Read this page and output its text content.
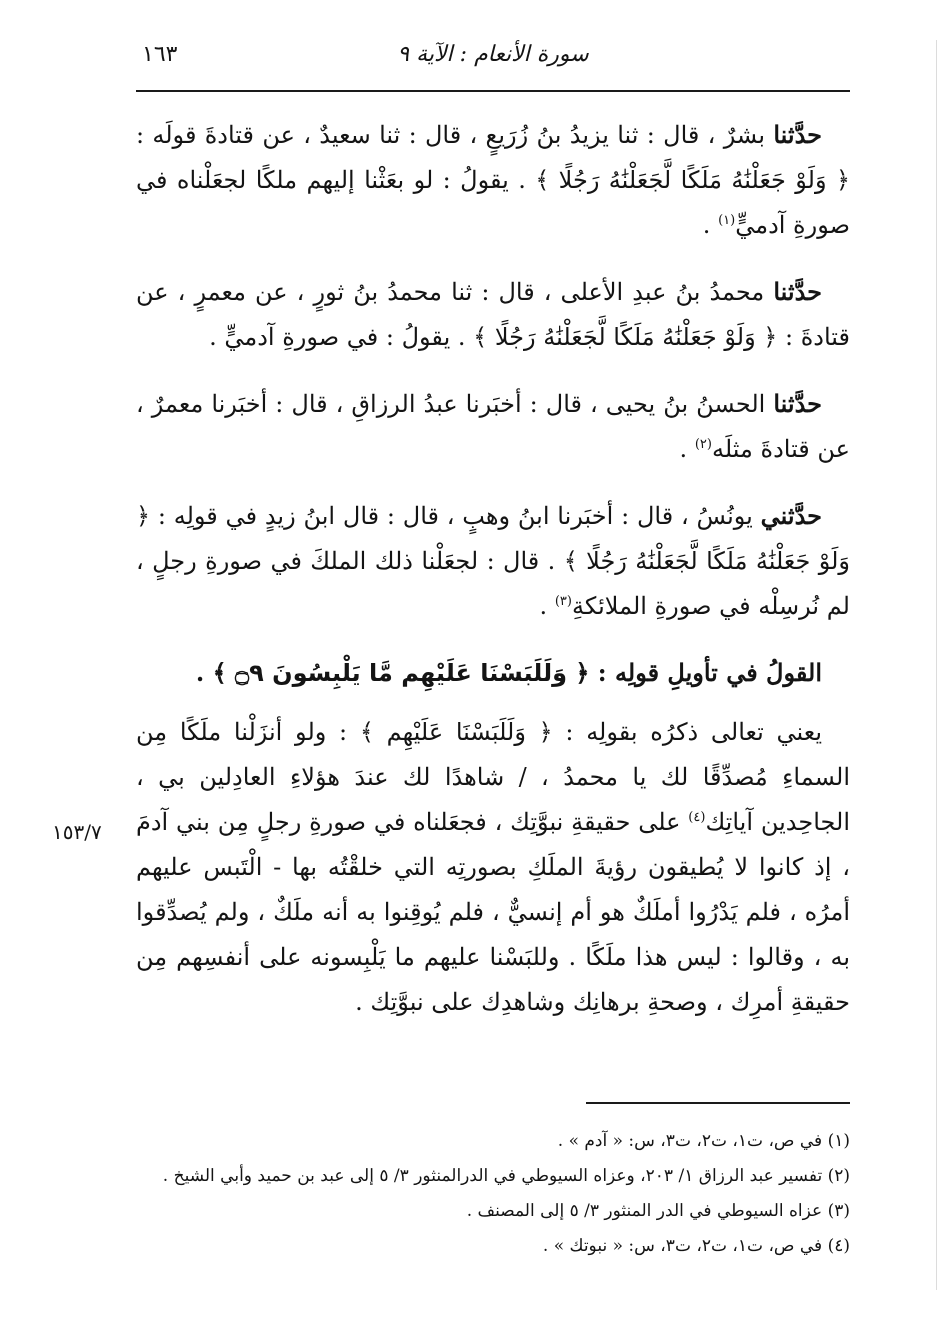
سورة الأنعام : الآية ٩
١٦٣

حدَّثنا بشرٌ ، قال : ثنا يزيدُ بنُ زُرَيعٍ ، قال : ثنا سعيدٌ ، عن قتادةَ قولَه : ﴿ وَلَوْ جَعَلْنَٰهُ مَلَكًا لَّجَعَلْنَٰهُ رَجُلًا ﴾ . يقولُ : لو بعَثْنا إليهم ملكًا لجعَلْناه في صورةِ آدميٍّ$^{(١)}$ .

حدَّثنا محمدُ بنُ عبدِ الأعلى ، قال : ثنا محمدُ بنُ ثورٍ ، عن معمرٍ ، عن قتادةَ : ﴿ وَلَوْ جَعَلْنَٰهُ مَلَكًا لَّجَعَلْنَٰهُ رَجُلًا ﴾ . يقولُ : في صورةِ آدميٍّ .

حدَّثنا الحسنُ بنُ يحيى ، قال : أخبَرنا عبدُ الرزاقِ ، قال : أخبَرنا معمرٌ ، عن قتادةَ مثلَه$^{(٢)}$ .

حدَّثني يونُسُ ، قال : أخبَرنا ابنُ وهبٍ ، قال : قال ابنُ زيدٍ في قولِه : ﴿ وَلَوْ جَعَلْنَٰهُ مَلَكًا لَّجَعَلْنَٰهُ رَجُلًا ﴾ . قال : لجعَلْنا ذلك الملكَ في صورةِ رجلٍ ، لم نُرسِلْه في صورةِ الملائكةِ$^{(٣)}$ .

القولُ في تأويلِ قولِه : ﴿ وَلَلَبَسْنَا عَلَيْهِم مَّا يَلْبِسُونَ ۝٩ ﴾ .

يعني تعالى ذكرُه بقولِه : ﴿ وَلَلَبَسْنَا عَلَيْهِم ﴾ : ولو أنزَلْنا ملَكًا مِن السماءِ مُصدِّقًا لك يا محمدُ ، / شاهدًا لك عندَ هؤلاءِ العادِلين بي ، الجاحِدين آياتِك$^{(٤)}$ على حقيقةِ نبوَّتِك ، فجعَلناه في صورةِ رجلٍ مِن بني آدمَ ، إذ كانوا لا يُطيقون رؤيةَ الملَكِ بصورتِه التي خلقْتُه بها - الْتَبس عليهم أمرُه ، فلم يَدْرُوا أملَكٌ هو أم إنسيٌّ ، فلم يُوقِنوا به أنه ملَكٌ ، ولم يُصدِّقوا به ، وقالوا : ليس هذا ملَكًا . وللبَسْنا عليهم ما يَلْبِسونه على أنفسِهم مِن حقيقةِ أمرِك ، وصحةِ برهانِك وشاهدِك على نبوَّتِك .

١٥٣/٧

(١) في ص، ت١، ت٢، ت٣، س: « آدم » .

(٢) تفسير عبد الرزاق ١/ ٢٠٣، وعزاه السيوطي في الدرالمنثور ٣/ ٥ إلى عبد بن حميد وأبي الشيخ .

(٣) عزاه السيوطي في الدر المنثور ٣/ ٥ إلى المصنف .

(٤) في ص، ت١، ت٢، ت٣، س: « نبوتك » .
